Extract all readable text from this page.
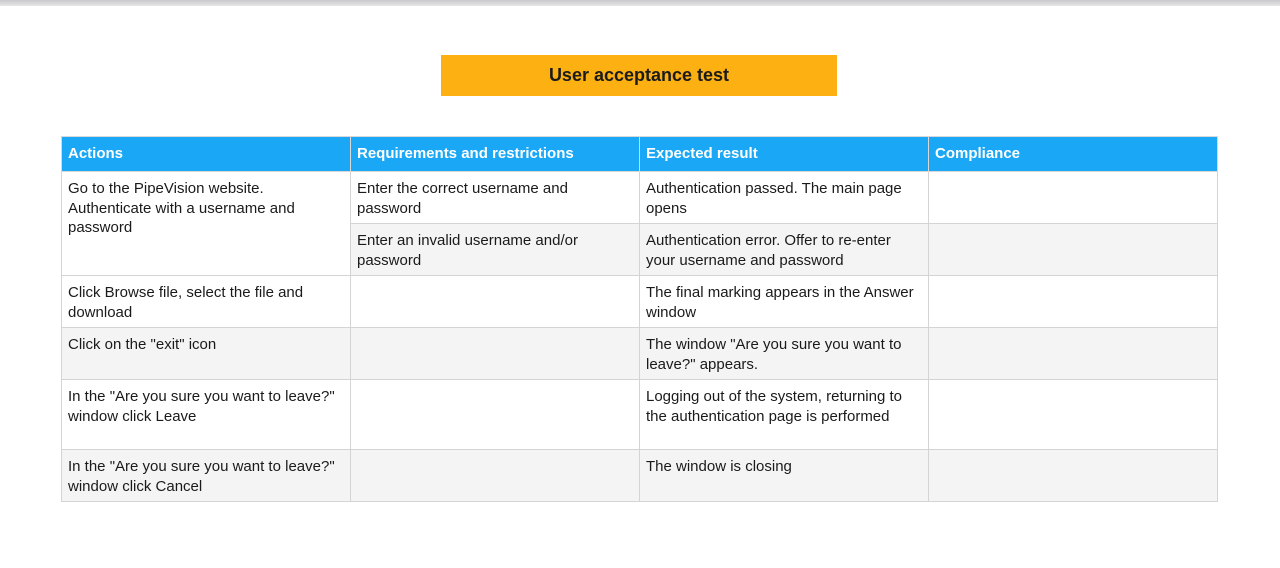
User acceptance test
Actions	Requirements and restrictions	Expected result	Compliance
Go to the PipeVision website. Authenticate with a username and password	Enter the correct username and password	Authentication passed. The main page opens	
	Enter an invalid username and/or password	Authentication error. Offer to re-enter your username and password	
Click Browse file, select the file and download		The final marking appears in the Answer window	
Click on the "exit" icon		The window "Are you sure you want to leave?" appears.	
In the "Are you sure you want to leave?" window click Leave		Logging out of the system, returning to the authentication page is performed	
In the "Are you sure you want to leave?" window click Cancel		The window is closing	
